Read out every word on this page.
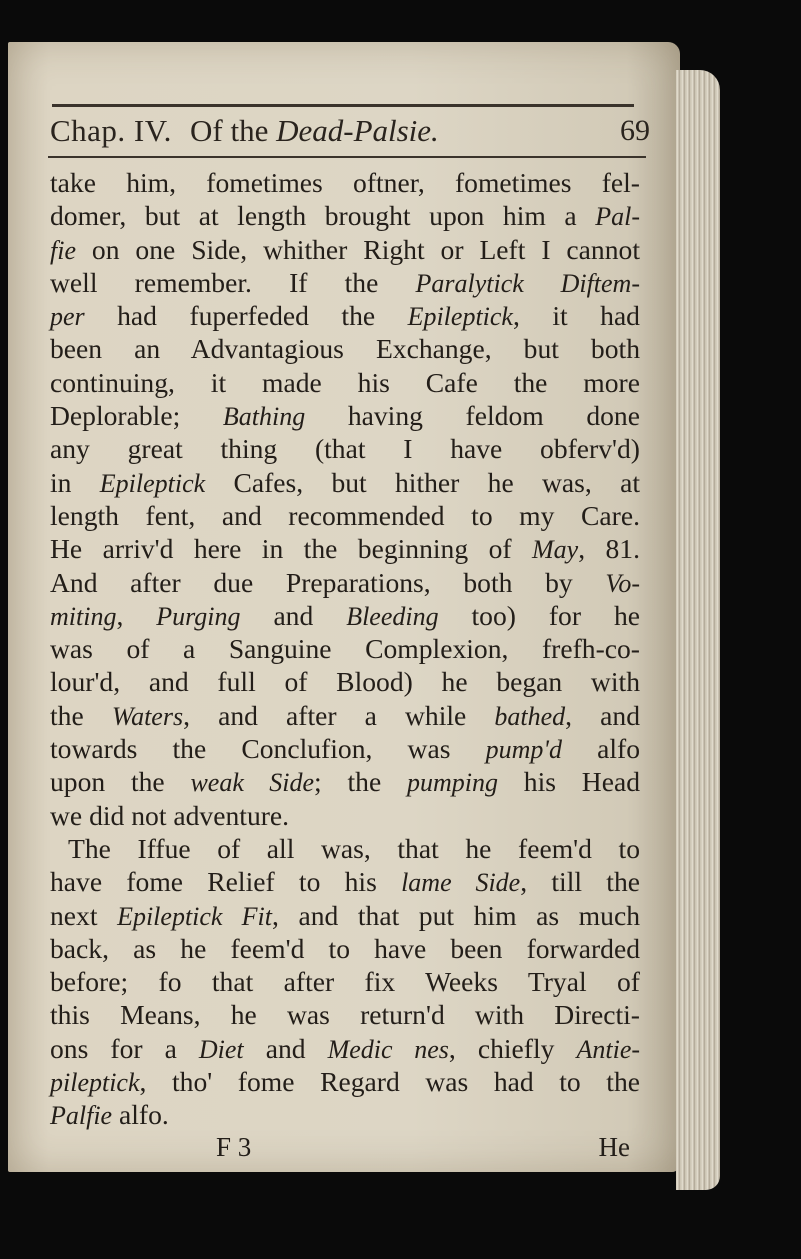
Chap. IV. Of the Dead-Palsie.	69
take him, fometimes oftner, fometimes fel-
domer, but at length brought upon him a Pal-
fie on one Side, whither Right or Left I cannot
well remember. If the Paralytick Diftem-
per had fuperfeded the Epileptick, it had
been an Advantagious Exchange, but both
continuing, it made his Cafe the more
Deplorable; Bathing having feldom done
any great thing (that I have obferv'd)
in Epileptick Cafes, but hither he was, at
length fent, and recommended to my Care.
He arriv'd here in the beginning of May, 81.
And after due Preparations, both by Vo-
miting, Purging and Bleeding too) for he
was of a Sanguine Complexion, frefh-co-
lour'd, and full of Blood) he began with
the Waters, and after a while bathed, and
towards the Conclufion, was pump'd alfo
upon the weak Side; the pumping his Head
we did not adventure.
The Iffue of all was, that he feem'd to
have fome Relief to his lame Side, till the
next Epileptick Fit, and that put him as much
back, as he feem'd to have been forwarded
before; fo that after fix Weeks Tryal of
this Means, he was return'd with Directi-
ons for a Diet and Medic nes, chiefly Antie-
pileptick, tho' fome Regard was had to the
Palfie alfo.
F 3	He
